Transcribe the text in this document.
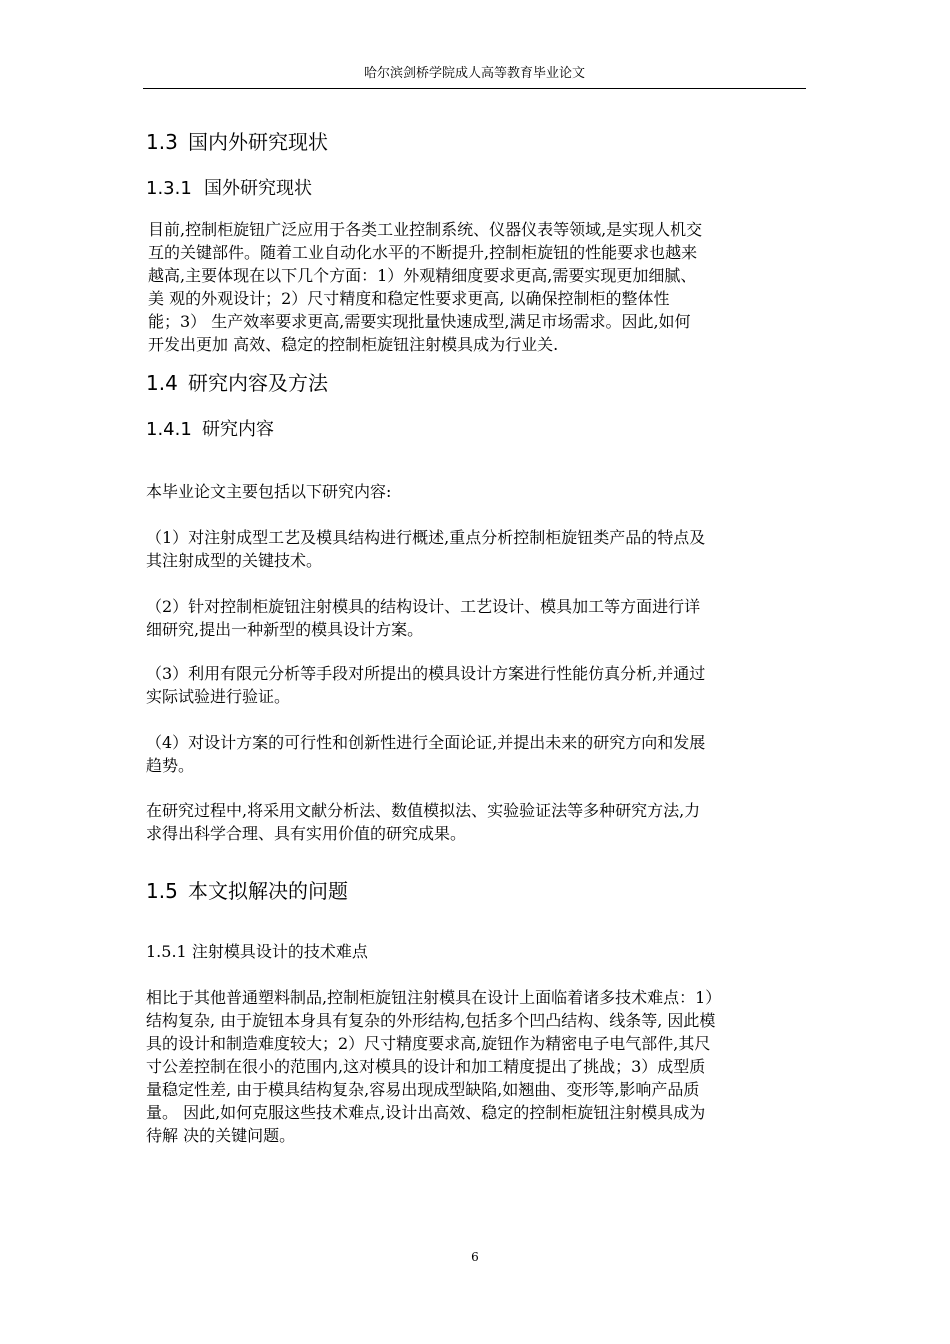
哈尔滨剑桥学院成人高等教育毕业论文
1.3 国内外研究现状
1.3.1 国外研究现状
目前,控制柜旋钮广泛应用于各类工业控制系统、仪器仪表等领域,是实现人机交
互的关键部件。随着工业自动化水平的不断提升,控制柜旋钮的性能要求也越来
越高,主要体现在以下几个方面：1）外观精细度要求更高,需要实现更加细腻、
美 观的外观设计；2）尺寸精度和稳定性要求更高, 以确保控制柜的整体性
能；3） 生产效率要求更高,需要实现批量快速成型,满足市场需求。因此,如何
开发出更加 高效、稳定的控制柜旋钮注射模具成为行业关.
1.4 研究内容及方法
1.4.1 研究内容
本毕业论文主要包括以下研究内容:
（1）对注射成型工艺及模具结构进行概述,重点分析控制柜旋钮类产品的特点及
其注射成型的关键技术。
（2）针对控制柜旋钮注射模具的结构设计、工艺设计、模具加工等方面进行详
细研究,提出一种新型的模具设计方案。
（3）利用有限元分析等手段对所提出的模具设计方案进行性能仿真分析,并通过
实际试验进行验证。
（4）对设计方案的可行性和创新性进行全面论证,并提出未来的研究方向和发展
趋势。
在研究过程中,将采用文献分析法、数值模拟法、实验验证法等多种研究方法,力
求得出科学合理、具有实用价值的研究成果。
1.5 本文拟解决的问题
1.5.1 注射模具设计的技术难点
相比于其他普通塑料制品,控制柜旋钮注射模具在设计上面临着诸多技术难点：1）
结构复杂, 由于旋钮本身具有复杂的外形结构,包括多个凹凸结构、线条等, 因此模
具的设计和制造难度较大；2）尺寸精度要求高,旋钮作为精密电子电气部件,其尺
寸公差控制在很小的范围内,这对模具的设计和加工精度提出了挑战；3）成型质
量稳定性差, 由于模具结构复杂,容易出现成型缺陷,如翘曲、变形等,影响产品质
量。 因此,如何克服这些技术难点,设计出高效、稳定的控制柜旋钮注射模具成为
待解 决的关键问题。
6
